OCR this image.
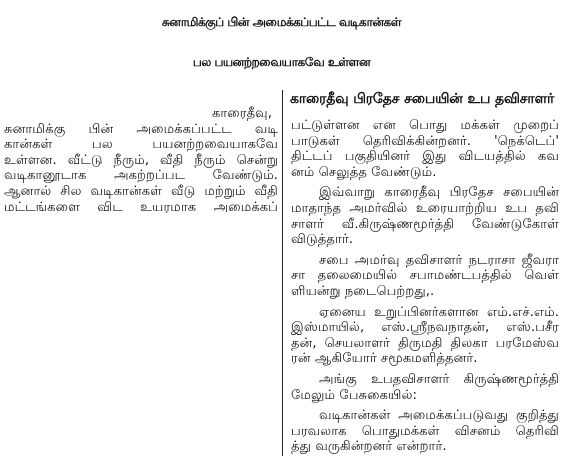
சுனாமிக்குப் பின் அமைக்கப்பட்ட வடிகான்கள்
பல பயனற்றவையாகவே உள்ளன
காரைதீவு பிரதேச சபையின் உப தவிசாளர்
காரைதீவு,
சுனாமிக்கு பின் அமைக்கப்பட்ட வடி
கான்கள் பல பயனற்றவையாகவே
உள்ளன. வீட்டு நீரும், வீதி நீரும் சென்று
வடிகானூடாக அகற்றப்பட வேண்டும்.
ஆனால் சில வடிகான்கள் வீடு மற்றும் வீதி
மட்டங்களை விட உயரமாக அமைக்கப்
பட்டுள்ளன என பொது மக்கள் முறைப்
பாடுகள் தெரிவிக்கின்றனர். 'நெக்டெப்'
திட்டப் பகுதியினர் இது விடயத்தில் கவ
னம் செலுத்த வேண்டும்.
இவ்வாறு காரைதீவு பிரதேச சபையின்
மாதாந்த அமர்வில் உரையாற்றிய உப தவி
சாளர் வீ.கிருஷ்ணமூர்த்தி வேண்டுகோள்
விடுத்தார்.
சபை அமர்வு தவிசாளர் நடராசா ஜீவரா
சா தலைமையில் சபாமண்டபத்தில் வெள்
ளியன்று நடைபெற்றது,.
ஏனைய உறுப்பினர்களான எம்.எச்.எம்.
இஸ்மாயில், எஸ்.ஸ்ரீநவநாதன், எஸ்.பசீர
தன், செயலாளர் திருமதி திலகா பரமேஸ்வ
ரன் ஆகியோர் சமூகமளித்தனர்.
அங்கு உபதவிசாளர் கிருஷ்ணமூர்த்தி
மேலும் பேசுகையில்:
வடிகான்கள் அமைக்கப்படுவது குறித்து
பரவலாக பொதுமக்கள் விசனம் தெரிவி
த்து வருகின்றனர் என்றார்.
